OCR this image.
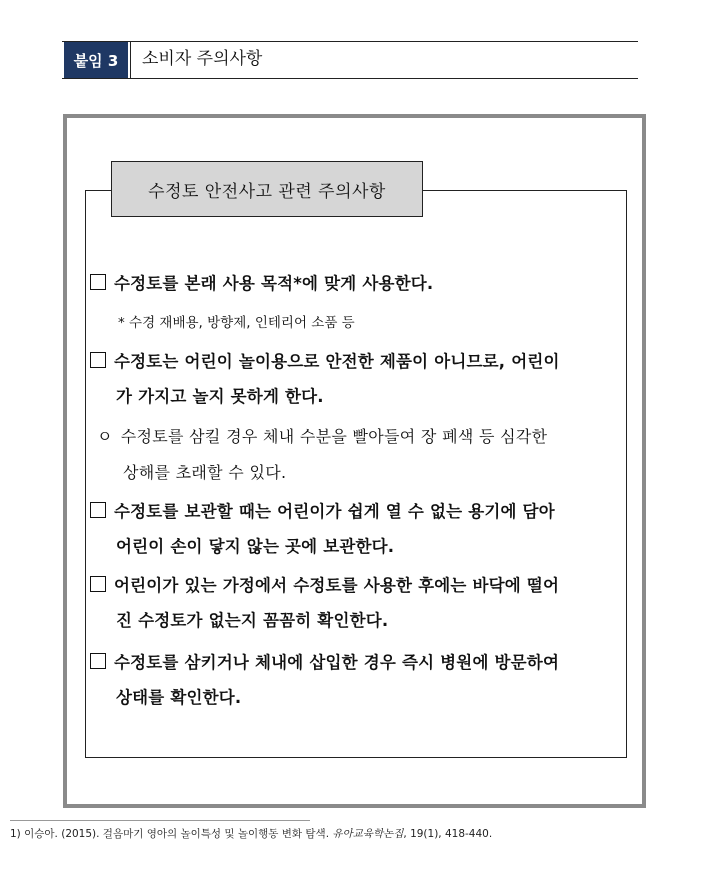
붙임 3	소비자 주의사항
수정토 안전사고 관련 주의사항
수정토를 본래 사용 목적*에 맞게 사용한다.
* 수경 재배용, 방향제, 인테리어 소품 등
수정토는 어린이 놀이용으로 안전한 제품이 아니므로, 어린이
가 가지고 놀지 못하게 한다.
ㅇ 수정토를 삼킬 경우 체내 수분을 빨아들여 장 폐색 등 심각한
상해를 초래할 수 있다.
수정토를 보관할 때는 어린이가 쉽게 열 수 없는 용기에 담아
어린이 손이 닿지 않는 곳에 보관한다.
어린이가 있는 가정에서 수정토를 사용한 후에는 바닥에 떨어
진 수정토가 없는지 꼼꼼히 확인한다.
수정토를 삼키거나 체내에 삽입한 경우 즉시 병원에 방문하여
상태를 확인한다.
1) 이승아. (2015). 걸음마기 영아의 놀이특성 및 놀이행동 변화 탐색. 유아교육학논집, 19(1), 418-440.
